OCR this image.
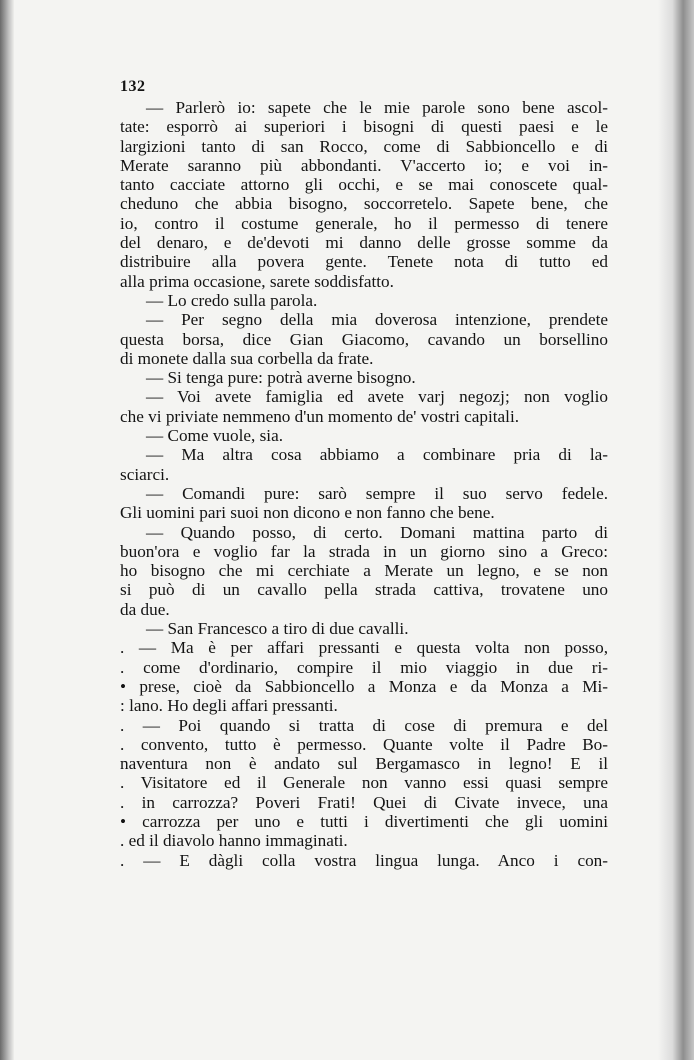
132
— Parlerò io: sapete che le mie parole sono bene ascol-
tate: esporrò ai superiori i bisogni di questi paesi e le
largizioni tanto di san Rocco, come di Sabbioncello e di
Merate saranno più abbondanti. V'accerto io; e voi in-
tanto cacciate attorno gli occhi, e se mai conoscete qual-
cheduno che abbia bisogno, soccorretelo. Sapete bene, che
io, contro il costume generale, ho il permesso di tenere
del denaro, e de'devoti mi danno delle grosse somme da
distribuire alla povera gente. Tenete nota di tutto ed
alla prima occasione, sarete soddisfatto.
— Lo credo sulla parola.
— Per segno della mia doverosa intenzione, prendete
questa borsa, dice Gian Giacomo, cavando un borsellino
di monete dalla sua corbella da frate.
— Si tenga pure: potrà averne bisogno.
— Voi avete famiglia ed avete varj negozj; non voglio
che vi priviate nemmeno d'un momento de' vostri capitali.
— Come vuole, sia.
— Ma altra cosa abbiamo a combinare pria di la-
sciarci.
— Comandi pure: sarò sempre il suo servo fedele.
Gli uomini pari suoi non dicono e non fanno che bene.
— Quando posso, di certo. Domani mattina parto di
buon'ora e voglio far la strada in un giorno sino a Greco:
ho bisogno che mi cerchiate a Merate un legno, e se non
si può di un cavallo pella strada cattiva, trovatene uno
da due.
— San Francesco a tiro di due cavalli.
. — Ma è per affari pressanti e questa volta non posso,
. come d'ordinario, compire il mio viaggio in due ri-
• prese, cioè da Sabbioncello a Monza e da Monza a Mi-
: lano. Ho degli affari pressanti.
. — Poi quando si tratta di cose di premura e del
. convento, tutto è permesso. Quante volte il Padre Bo-
naventura non è andato sul Bergamasco in legno! E il
. Visitatore ed il Generale non vanno essi quasi sempre
. in carrozza? Poveri Frati! Quei di Civate invece, una
• carrozza per uno e tutti i divertimenti che gli uomini
. ed il diavolo hanno immaginati.
. — E dàgli colla vostra lingua lunga. Anco i con-
